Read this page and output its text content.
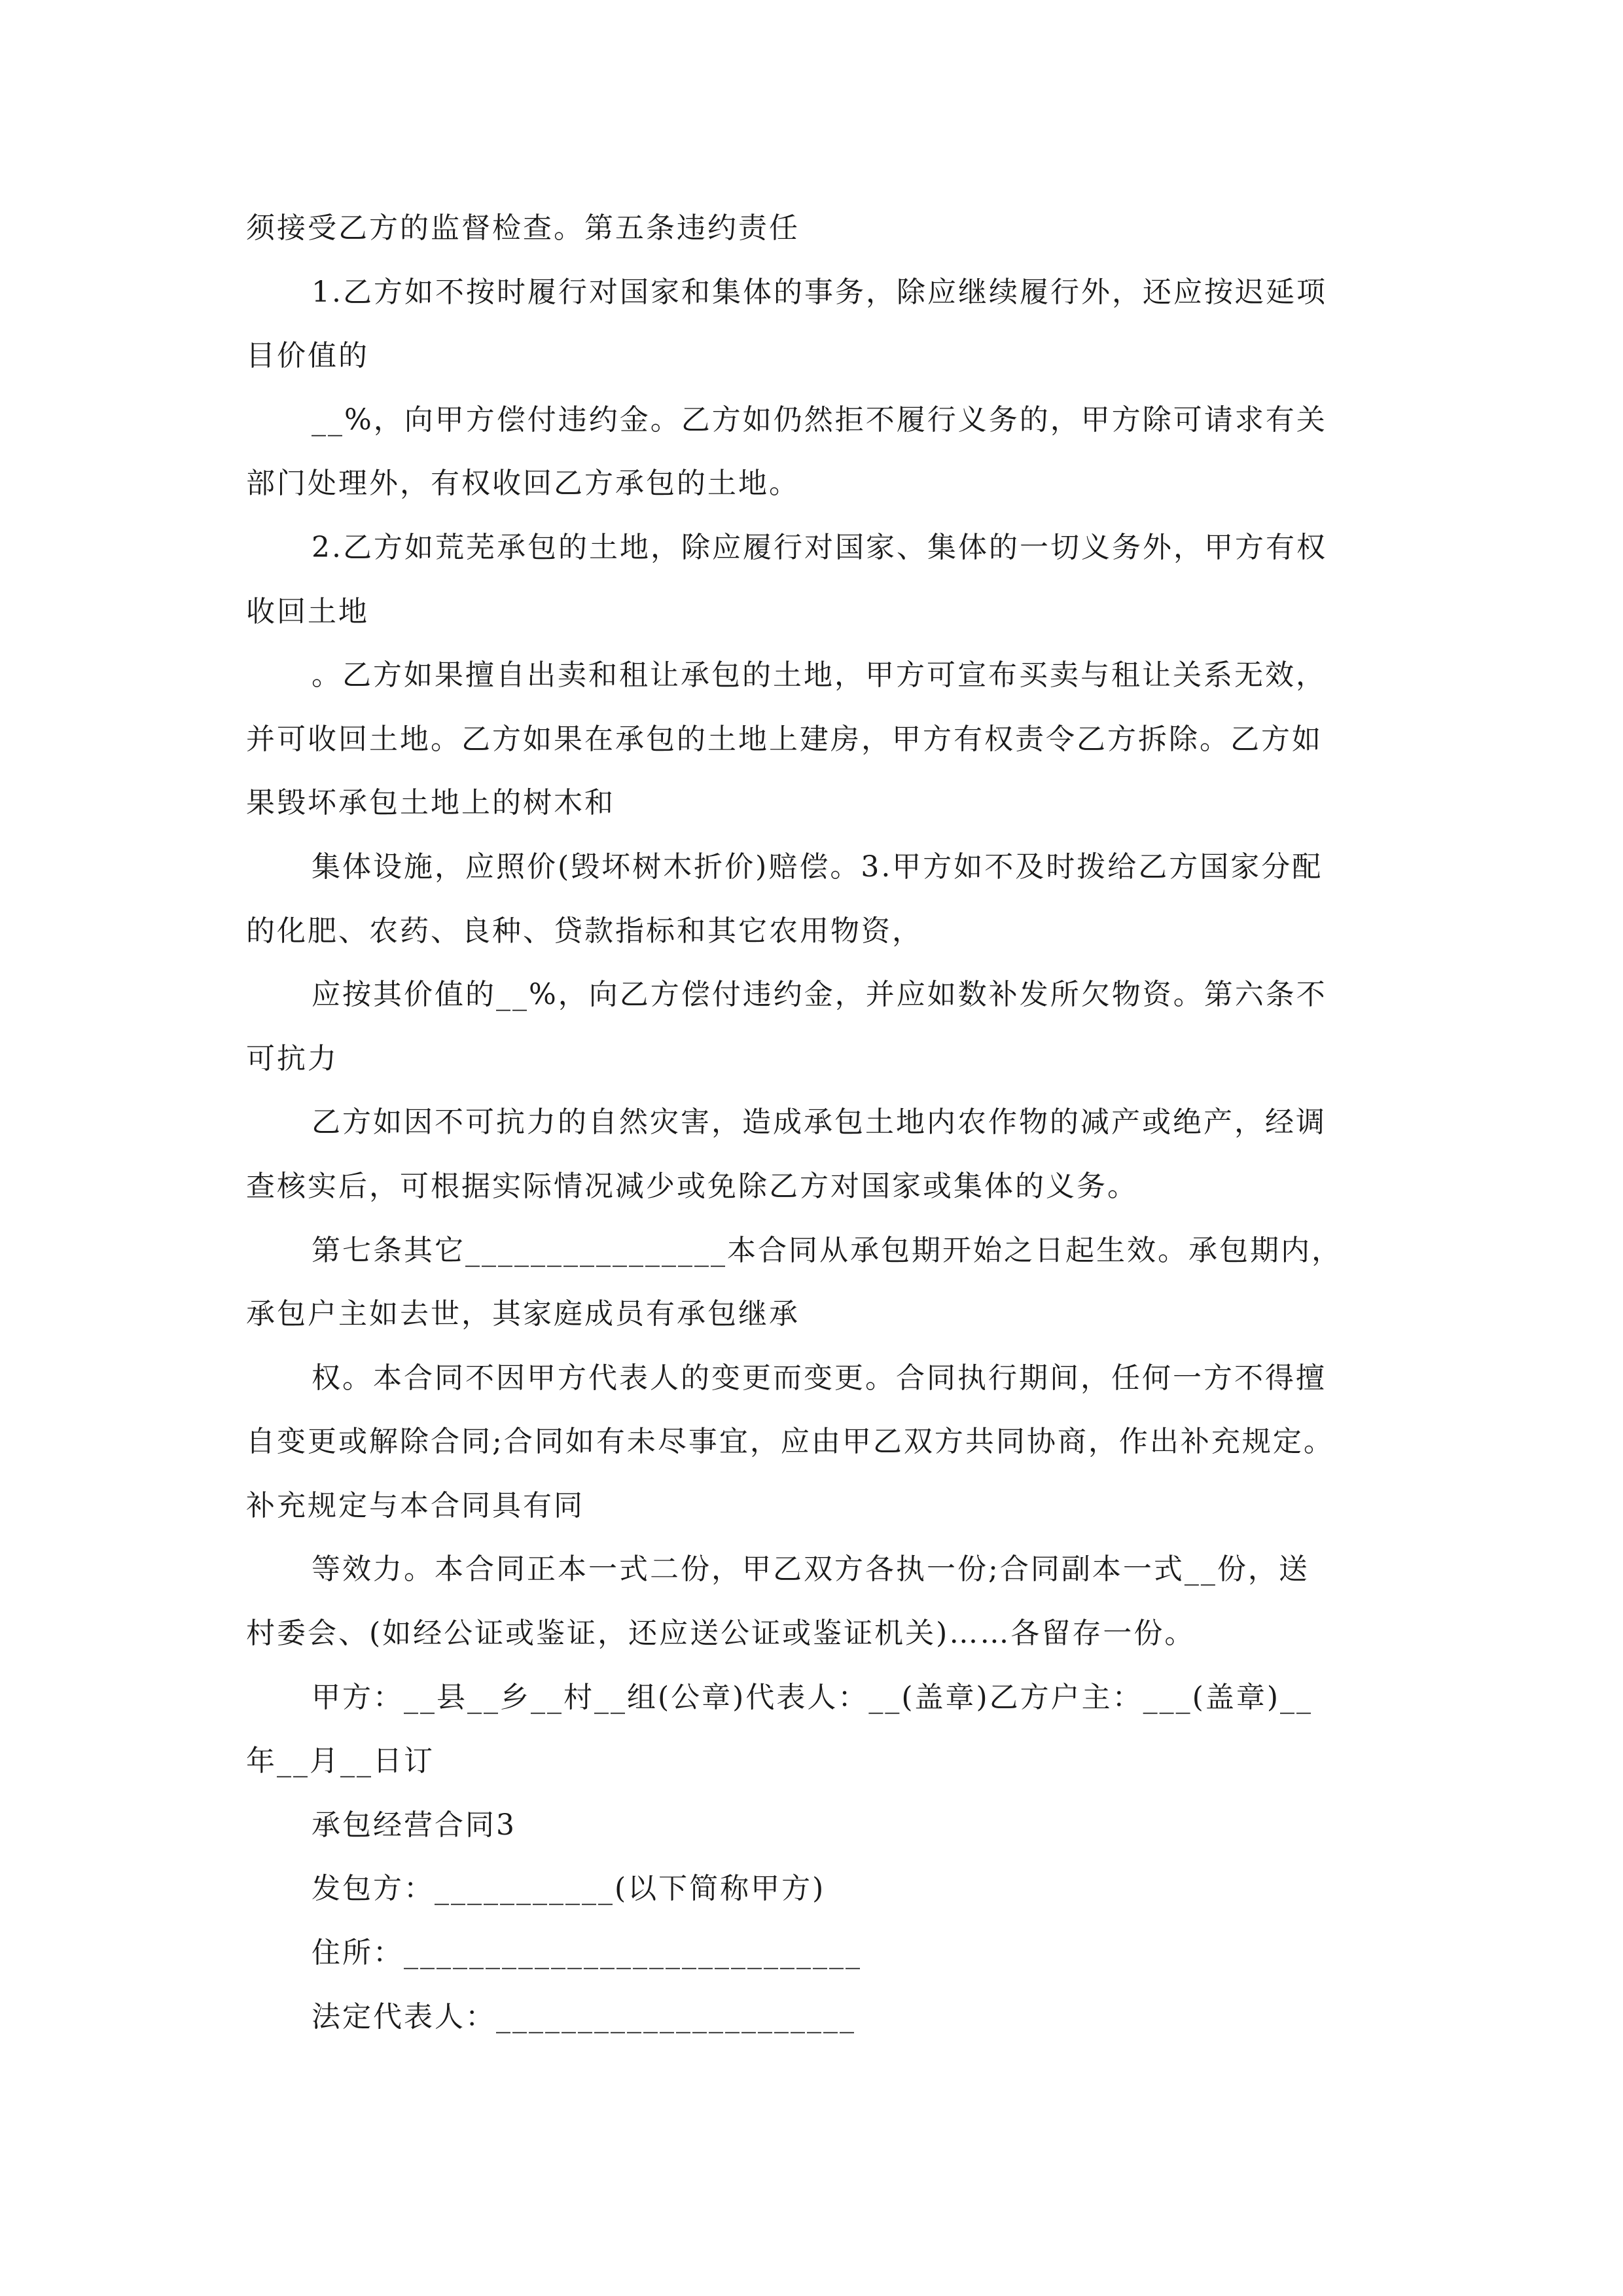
须接受乙方的监督检查。第五条违约责任
1.乙方如不按时履行对国家和集体的事务，除应继续履行外，还应按迟延项
目价值的
__%，向甲方偿付违约金。乙方如仍然拒不履行义务的，甲方除可请求有关
部门处理外，有权收回乙方承包的土地。
2.乙方如荒芜承包的土地，除应履行对国家、集体的一切义务外，甲方有权
收回土地
。乙方如果擅自出卖和租让承包的土地，甲方可宣布买卖与租让关系无效，
并可收回土地。乙方如果在承包的土地上建房，甲方有权责令乙方拆除。乙方如
果毁坏承包土地上的树木和
集体设施，应照价(毁坏树木折价)赔偿。3.甲方如不及时拨给乙方国家分配
的化肥、农药、良种、贷款指标和其它农用物资，
应按其价值的__%，向乙方偿付违约金，并应如数补发所欠物资。第六条不
可抗力
乙方如因不可抗力的自然灾害，造成承包土地内农作物的减产或绝产，经调
查核实后，可根据实际情况减少或免除乙方对国家或集体的义务。
第七条其它________________本合同从承包期开始之日起生效。承包期内，
承包户主如去世，其家庭成员有承包继承
权。本合同不因甲方代表人的变更而变更。合同执行期间，任何一方不得擅
自变更或解除合同;合同如有未尽事宜，应由甲乙双方共同协商，作出补充规定。
补充规定与本合同具有同
等效力。本合同正本一式二份，甲乙双方各执一份;合同副本一式__份，送
村委会、(如经公证或鉴证，还应送公证或鉴证机关)……各留存一份。
甲方：__县__乡__村__组(公章)代表人：__(盖章)乙方户主：___(盖章)__
年__月__日订
承包经营合同3
发包方：___________(以下简称甲方)
住所：____________________________
法定代表人：______________________
